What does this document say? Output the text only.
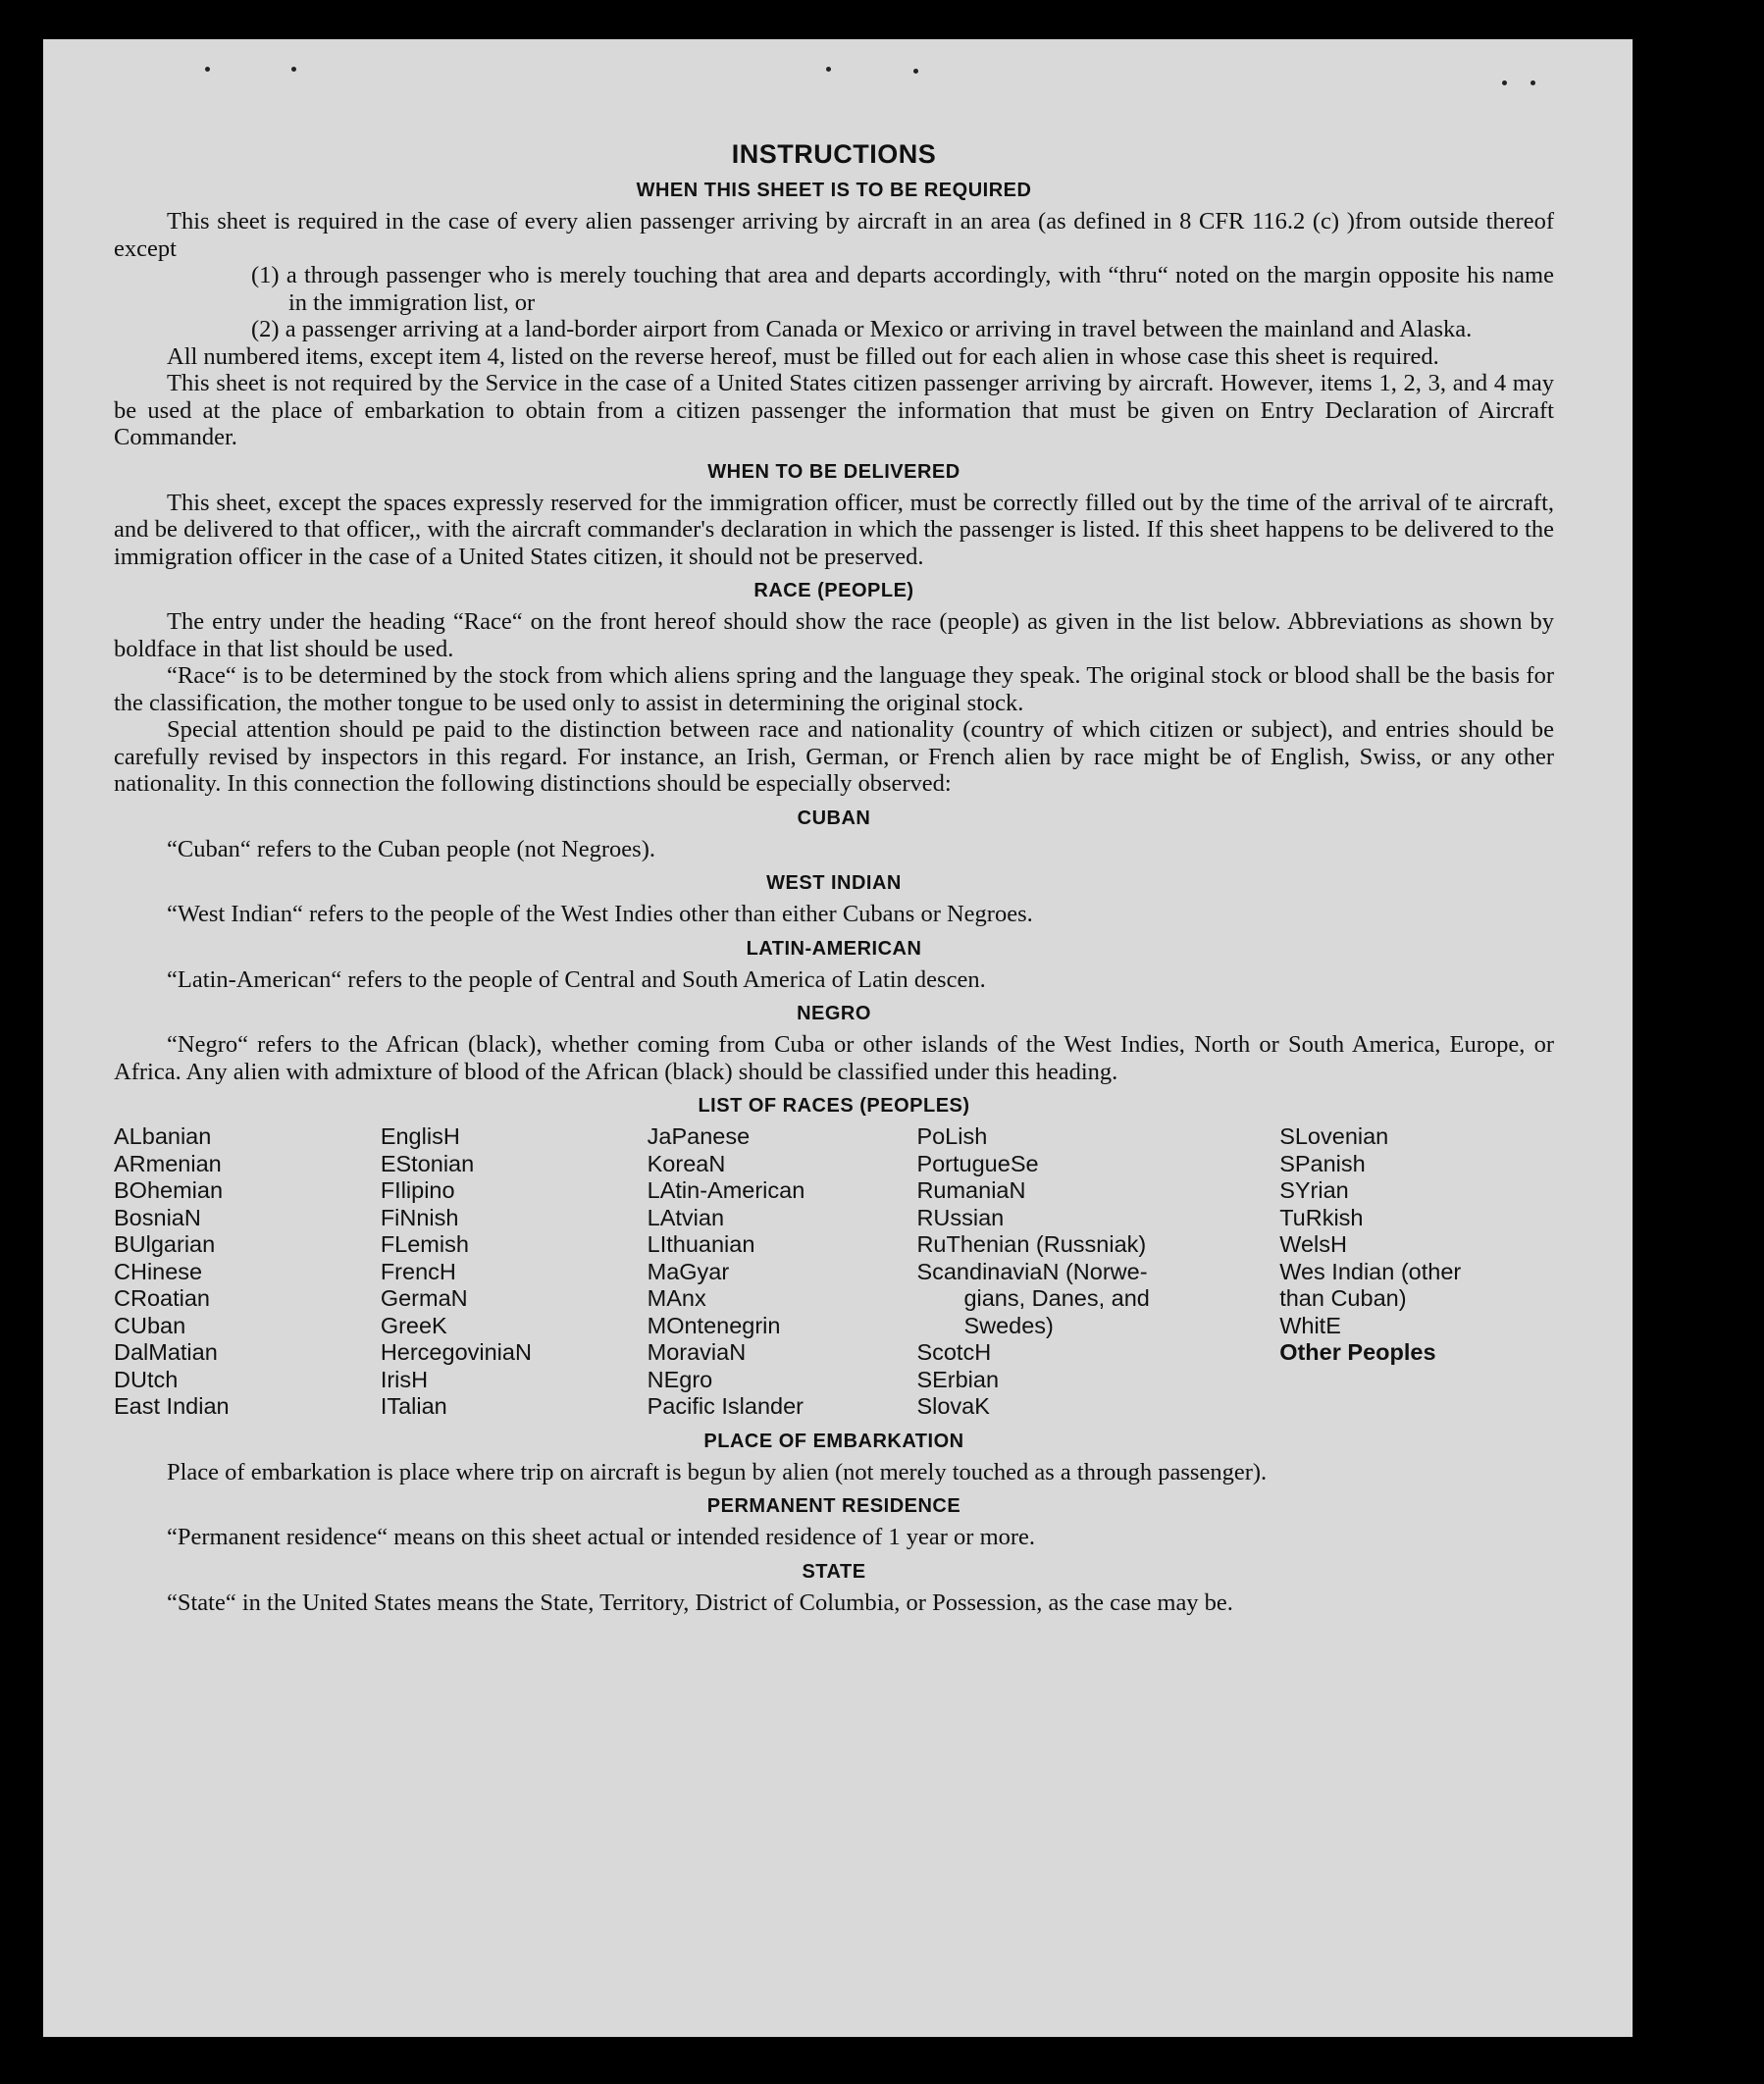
INSTRUCTIONS
WHEN THIS SHEET IS TO BE REQUIRED

This sheet is required in the case of every alien passenger arriving by aircraft in an area (as defined in 8 CFR 116.2 (c) )from outside thereof except

(1) a through passenger who is merely touching that area and departs accordingly, with “thru“ noted on the margin opposite his name in the immigration list, or

(2) a passenger arriving at a land-border airport from Canada or Mexico or arriving in travel between the mainland and Alaska.

All numbered items, except item 4, listed on the reverse hereof, must be filled out for each alien in whose case this sheet is required.

This sheet is not required by the Service in the case of a United States citizen passenger arriving by aircraft. However, items 1, 2, 3, and 4 may be used at the place of embarkation to obtain from a citizen passenger the information that must be given on Entry Declaration of Aircraft Commander.

WHEN TO BE DELIVERED

This sheet, except the spaces expressly reserved for the immigration officer, must be correctly filled out by the time of the arrival of te aircraft, and be delivered to that officer,, with the aircraft commander's declaration in which the passenger is listed. If this sheet happens to be delivered to the immigration officer in the case of a United States citizen, it should not be preserved.

RACE (PEOPLE)

The entry under the heading “Race“ on the front hereof should show the race (people) as given in the list below. Abbreviations as shown by boldface in that list should be used.

“Race“ is to be determined by the stock from which aliens spring and the language they speak. The original stock or blood shall be the basis for the classification, the mother tongue to be used only to assist in determining the original stock.

Special attention should pe paid to the distinction between race and nationality (country of which citizen or subject), and entries should be carefully revised by inspectors in this regard. For instance, an Irish, German, or French alien by race might be of English, Swiss, or any other nationality. In this connection the following distinctions should be especially observed:

CUBAN

“Cuban“ refers to the Cuban people (not Negroes).

WEST INDIAN

“West Indian“ refers to the people of the West Indies other than either Cubans or Negroes.

LATIN-AMERICAN

“Latin-American“ refers to the people of Central and South America of Latin descen.

NEGRO

“Negro“ refers to the African (black), whether coming from Cuba or other islands of the West Indies, North or South America, Europe, or Africa. Any alien with admixture of blood of the African (black) should be classified under this heading.

LIST OF RACES (PEOPLES)
ALbanian
ARmenian
BOhemian
BosniaN
BUlgarian
CHinese
CRoatian
CUban
DalMatian
DUtch
East Indian
EnglisH
EStonian
FIlipino
FiNnish
FLemish
FrencH
GermaN
GreeK
HercegoviniaN
IrisH
ITalian
JaPanese
KoreaN
LAtin-American
LAtvian
LIthuanian
MaGyar
MAnx
MOntenegrin
MoraviaN
NEgro
Pacific Islander
PoLish
PortugueSe
RumaniaN
RUssian
RuThenian (Russniak)
ScandinaviaN (Norwe-
gians, Danes, and
Swedes)
ScotcH
SErbian
SlovaK
SLovenian
SPanish
SYrian
TuRkish
WelsH
Wes Indian (other
than Cuban)
WhitE
Other Peoples
PLACE OF EMBARKATION

Place of embarkation is place where trip on aircraft is begun by alien (not merely touched as a through passenger).

PERMANENT RESIDENCE

“Permanent residence“ means on this sheet actual or intended residence of 1 year or more.

STATE

“State“ in the United States means the State, Territory, District of Columbia, or Possession, as the case may be.
